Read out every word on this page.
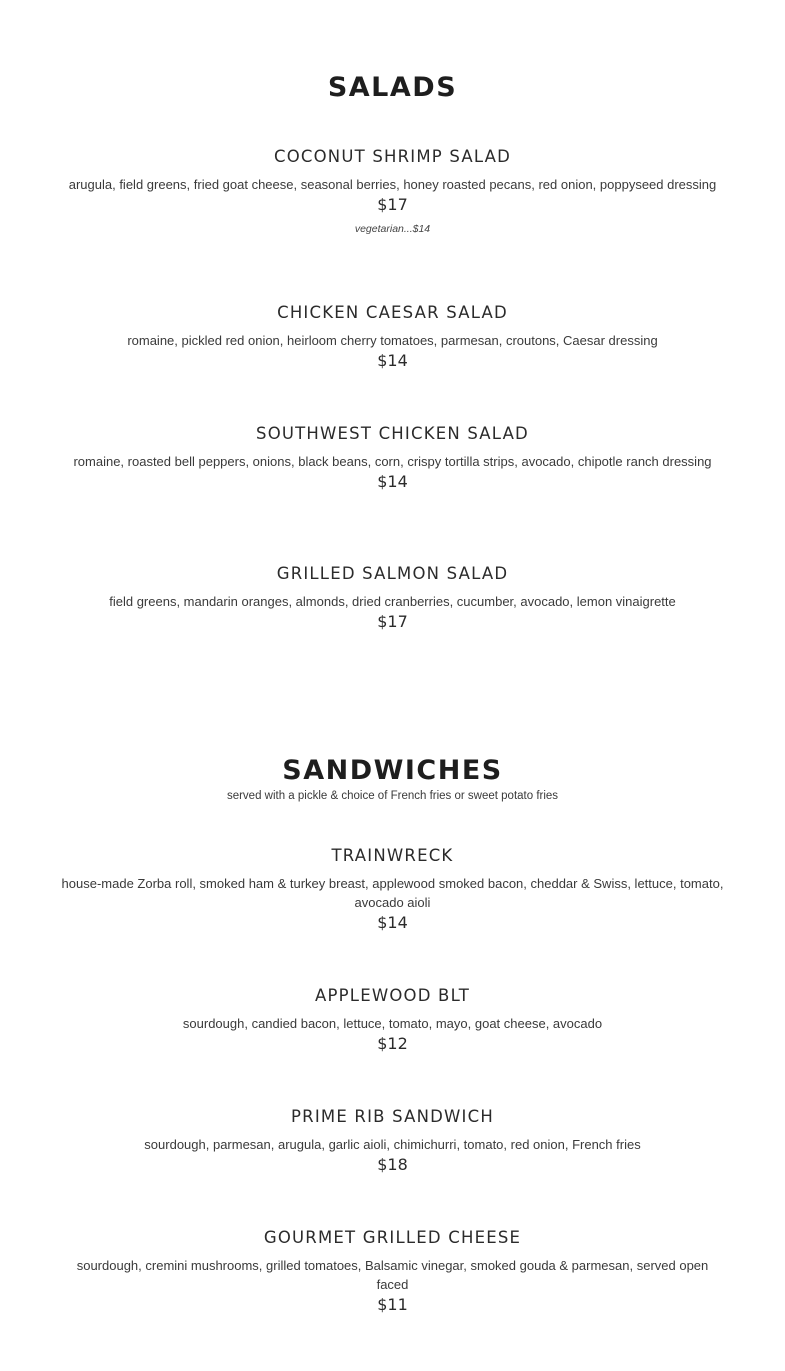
SALADS
COCONUT SHRIMP SALAD
arugula, field greens, fried goat cheese, seasonal berries, honey roasted pecans, red onion, poppyseed dressing
$17
vegetarian...$14
CHICKEN CAESAR SALAD
romaine, pickled red onion, heirloom cherry tomatoes, parmesan, croutons, Caesar dressing
$14
SOUTHWEST CHICKEN SALAD
romaine, roasted bell peppers, onions, black beans, corn, crispy tortilla strips, avocado, chipotle ranch dressing
$14
GRILLED SALMON SALAD
field greens, mandarin oranges, almonds, dried cranberries, cucumber, avocado, lemon vinaigrette
$17
SANDWICHES
served with a pickle & choice of French fries or sweet potato fries
TRAINWRECK
house-made Zorba roll, smoked ham & turkey breast, applewood smoked bacon, cheddar & Swiss, lettuce, tomato, avocado aioli
$14
APPLEWOOD BLT
sourdough, candied bacon, lettuce, tomato, mayo, goat cheese, avocado
$12
PRIME RIB SANDWICH
sourdough, parmesan, arugula, garlic aioli, chimichurri, tomato, red onion, French fries
$18
GOURMET GRILLED CHEESE
sourdough, cremini mushrooms, grilled tomatoes, Balsamic vinegar, smoked gouda & parmesan, served open faced
$11
